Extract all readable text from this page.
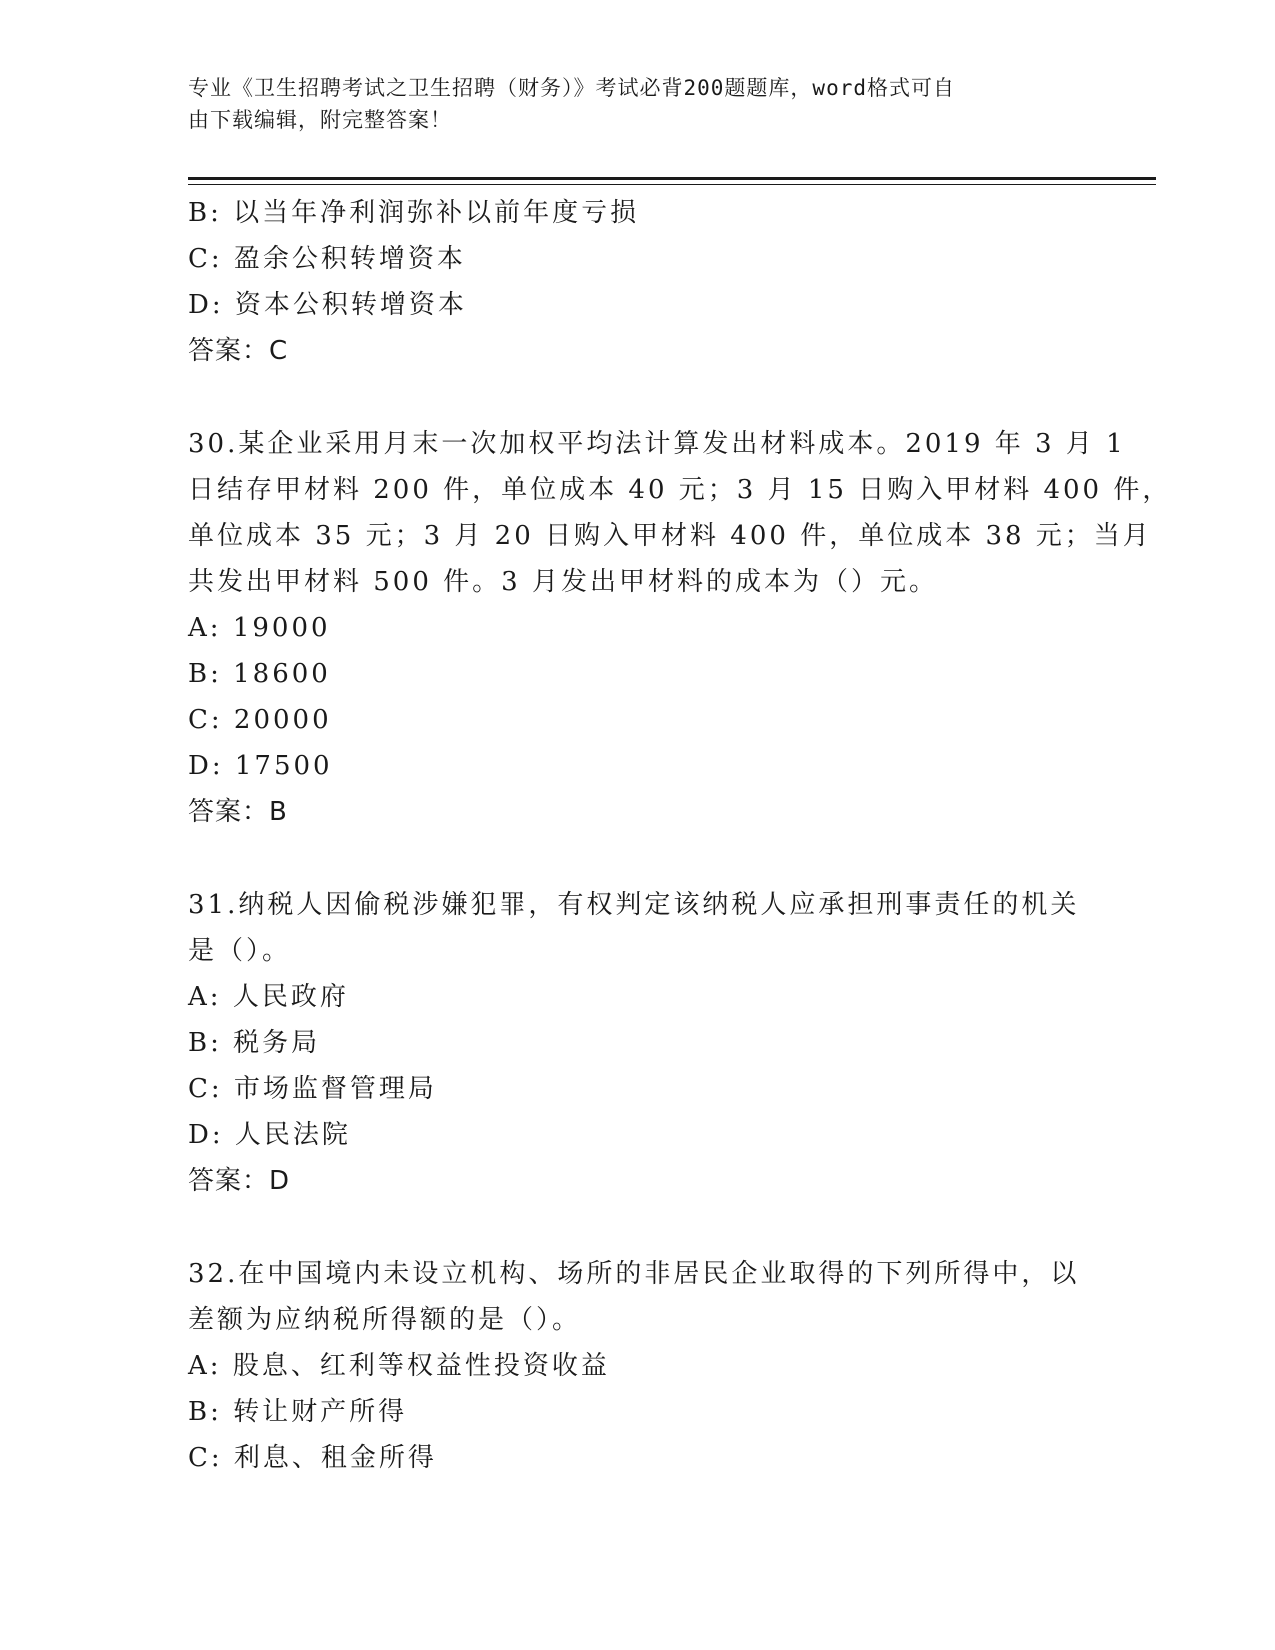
专业《卫生招聘考试之卫生招聘（财务）》考试必背200题题库，word格式可自
由下载编辑，附完整答案！
B: 以当年净利润弥补以前年度亏损
C: 盈余公积转增资本
D: 资本公积转增资本
答案：C
30.某企业采用月末一次加权平均法计算发出材料成本。2019 年 3 月 1
日结存甲材料 200 件，单位成本 40 元；3 月 15 日购入甲材料 400 件，
单位成本 35 元；3 月 20 日购入甲材料 400 件，单位成本 38 元；当月
共发出甲材料 500 件。3 月发出甲材料的成本为（）元。
A: 19000
B: 18600
C: 20000
D: 17500
答案：B
31.纳税人因偷税涉嫌犯罪，有权判定该纳税人应承担刑事责任的机关
是（）。
A: 人民政府
B: 税务局
C: 市场监督管理局
D: 人民法院
答案：D
32.在中国境内未设立机构、场所的非居民企业取得的下列所得中，以
差额为应纳税所得额的是（）。
A: 股息、红利等权益性投资收益
B: 转让财产所得
C: 利息、租金所得
